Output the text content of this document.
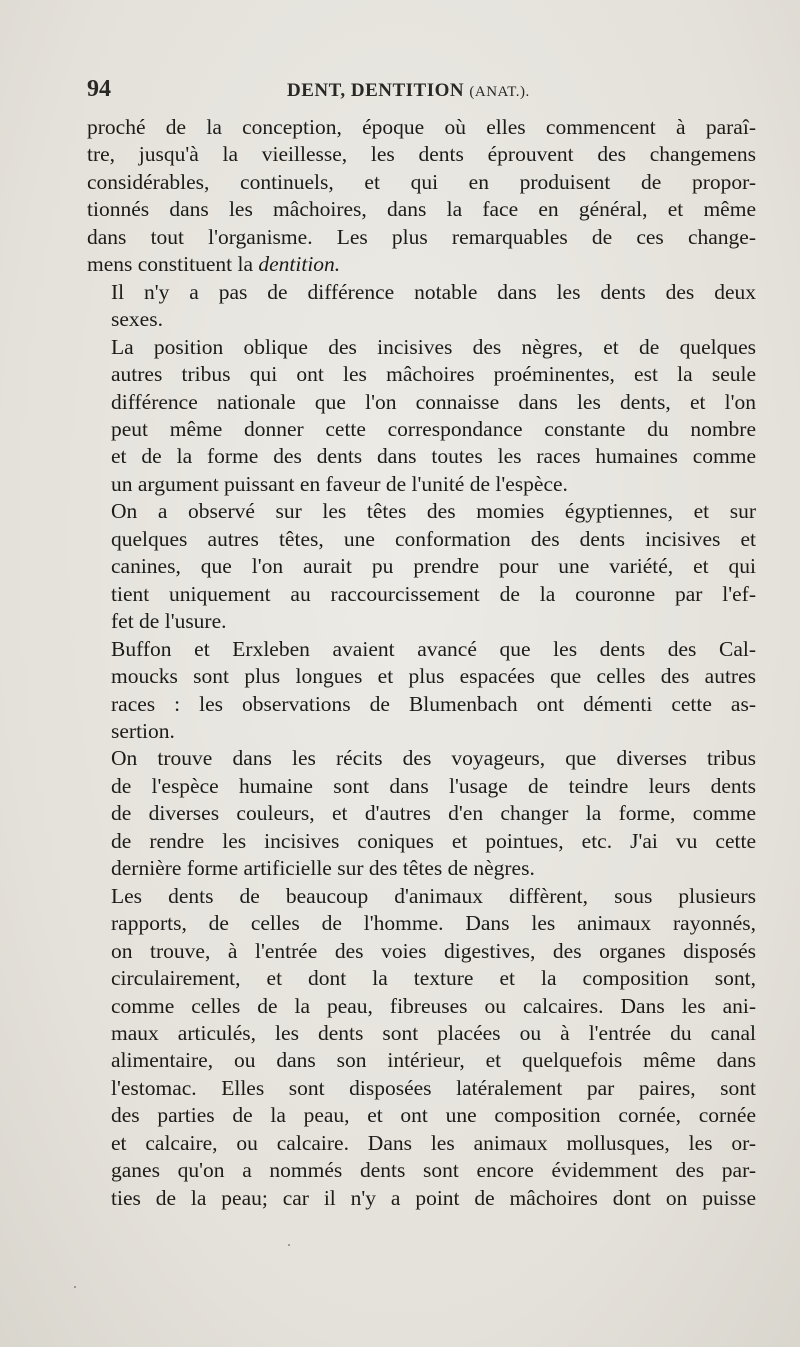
94	DENT, DENTITION (ANAT.).

proché de la conception, époque où elles commencent à paraî-
tre, jusqu'à la vieillesse, les dents éprouvent des changemens
considérables, continuels, et qui en produisent de propor-
tionnés dans les mâchoires, dans la face en général, et même
dans tout l'organisme. Les plus remarquables de ces change-
mens constituent la dentition.

Il n'y a pas de différence notable dans les dents des deux
sexes.

La position oblique des incisives des nègres, et de quelques
autres tribus qui ont les mâchoires proéminentes, est la seule
différence nationale que l'on connaisse dans les dents, et l'on
peut même donner cette correspondance constante du nombre
et de la forme des dents dans toutes les races humaines comme
un argument puissant en faveur de l'unité de l'espèce.

On a observé sur les têtes des momies égyptiennes, et sur
quelques autres têtes, une conformation des dents incisives et
canines, que l'on aurait pu prendre pour une variété, et qui
tient uniquement au raccourcissement de la couronne par l'ef-
fet de l'usure.

Buffon et Erxleben avaient avancé que les dents des Cal-
moucks sont plus longues et plus espacées que celles des autres
races : les observations de Blumenbach ont démenti cette as-
sertion.

On trouve dans les récits des voyageurs, que diverses tribus
de l'espèce humaine sont dans l'usage de teindre leurs dents
de diverses couleurs, et d'autres d'en changer la forme, comme
de rendre les incisives coniques et pointues, etc. J'ai vu cette
dernière forme artificielle sur des têtes de nègres.

Les dents de beaucoup d'animaux diffèrent, sous plusieurs
rapports, de celles de l'homme. Dans les animaux rayonnés,
on trouve, à l'entrée des voies digestives, des organes disposés
circulairement, et dont la texture et la composition sont,
comme celles de la peau, fibreuses ou calcaires. Dans les ani-
maux articulés, les dents sont placées ou à l'entrée du canal
alimentaire, ou dans son intérieur, et quelquefois même dans
l'estomac. Elles sont disposées latéralement par paires, sont
des parties de la peau, et ont une composition cornée, cornée
et calcaire, ou calcaire. Dans les animaux mollusques, les or-
ganes qu'on a nommés dents sont encore évidemment des par-
ties de la peau; car il n'y a point de mâchoires dont on puisse
